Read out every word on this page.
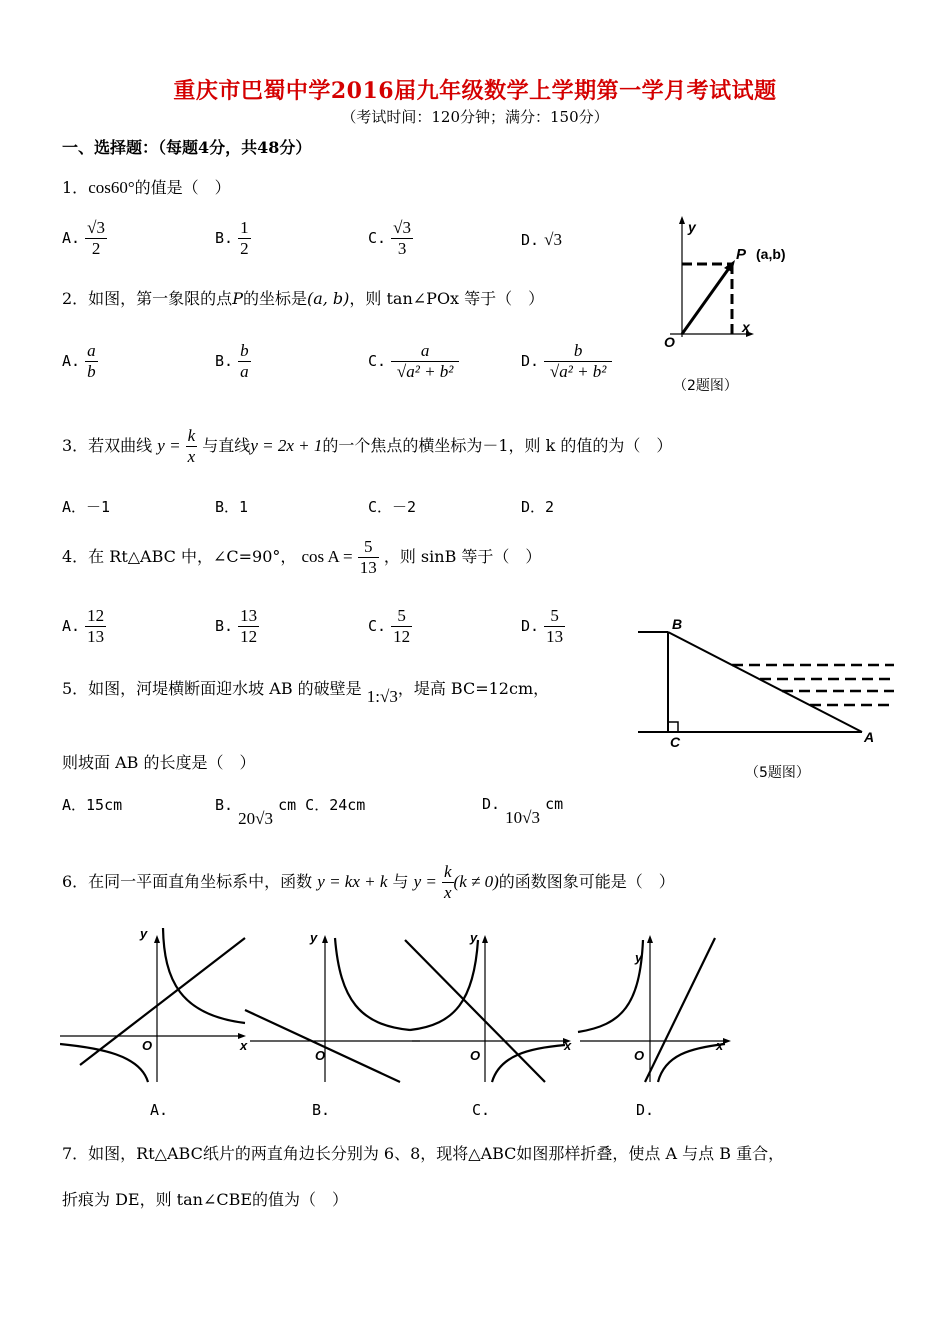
重庆市巴蜀中学2016届九年级数学上学期第一学月考试试题
（考试时间：120分钟；满分：150分）
一、选择题：（每题4分，共48分）
1．cos60°的值是（　）
A. $\frac{√3}{2}$	B. $\frac{1}{2}$	C. $\frac{√3}{3}$	D. √3
y
x
O
P (a,b)
（2题图）
2．如图，第一象限的点P的坐标是(a, b)，则 tan∠POx 等于（　）
A. $\frac{a}{b}$	B. $\frac{b}{a}$	C. $\frac{a}{\text{√a² + b²}}$	D. $\frac{b}{\text{√a² + b²}}$
3．若双曲线 $y = \frac{k}{x}$ 与直线y = 2x + 1的一个焦点的横坐标为－1，则 k 的值的为（　）
A．－1	B．1	C．－2	D．2
4．在 Rt△ABC 中，∠C=90°， $\cos A = \frac{5}{13}$ ，则 sinB 等于（　）
A. $\frac{12}{13}$	B. $\frac{13}{12}$	C. $\frac{5}{12}$	D. $\frac{5}{13}$	B
C	A
（5题图）
5．如图，河堤横断面迎水坡 AB 的破壁是 1:√3，堤高 BC=12cm，
则坡面 AB 的长度是（　）
A．15cm	B. 20√3 cm C．24cm	D. 10√3 cm
6．在同一平面直角坐标系中，函数 y = kx + k 与 $y = \frac{k}{x} (k \ne 0)$的函数图象可能是（　）
y
x
O
y
O
y
x
O
y
x
O
A.	B.	C.	D.
7．如图，Rt△ABC纸片的两直角边长分别为 6、8，现将△ABC如图那样折叠，使点 A 与点 B 重合，
折痕为 DE，则 tan∠CBE的值为（　）
